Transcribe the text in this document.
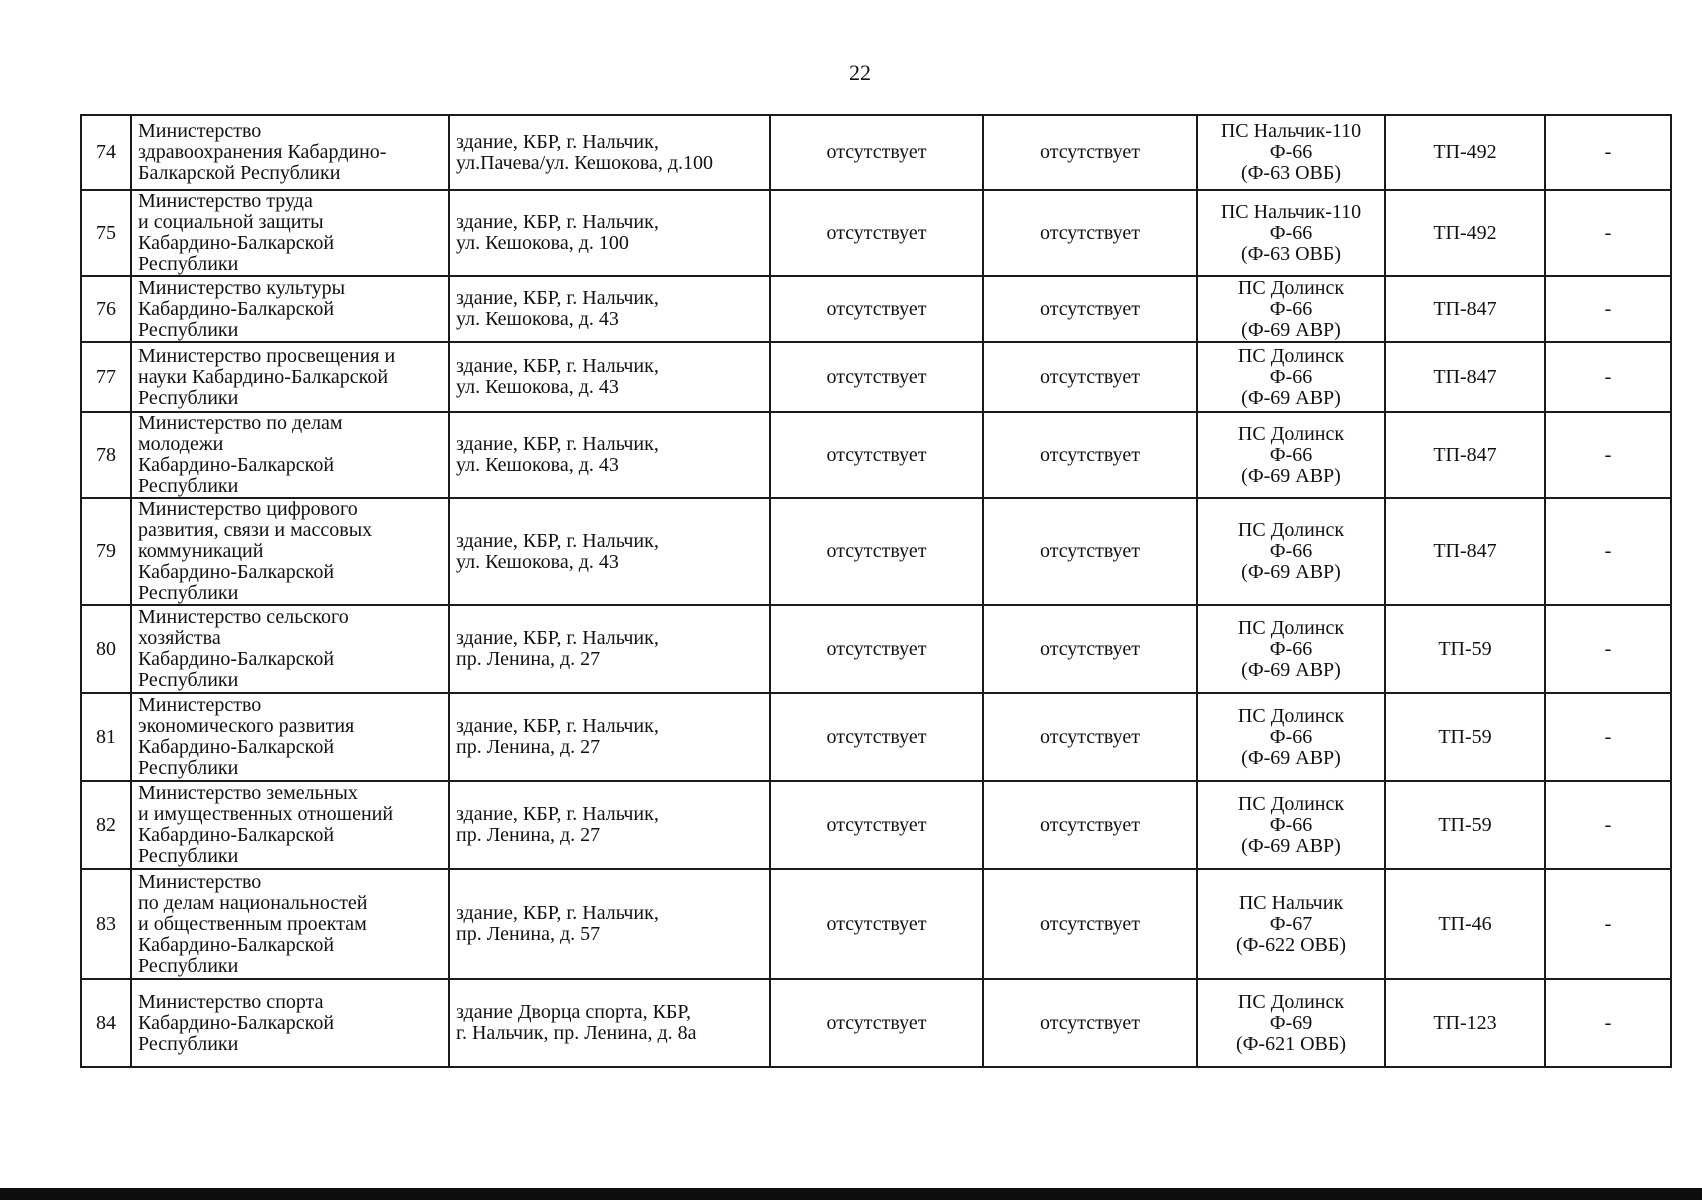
22
74	Министерство
здравоохранения Кабардино-
Балкарской Республики	здание, КБР, г. Нальчик,
ул.Пачева/ул. Кешокова, д.100	отсутствует	отсутствует	ПС Нальчик-110
Ф-66
(Ф-63 ОВБ)	ТП-492	-
75	Министерство труда
и социальной защиты
Кабардино-Балкарской
Республики	здание, КБР, г. Нальчик,
ул. Кешокова, д. 100	отсутствует	отсутствует	ПС Нальчик-110
Ф-66
(Ф-63 ОВБ)	ТП-492	-
76	Министерство культуры
Кабардино-Балкарской
Республики	здание, КБР, г. Нальчик,
ул. Кешокова, д. 43	отсутствует	отсутствует	ПС Долинск
Ф-66
(Ф-69 АВР)	ТП-847	-
77	Министерство просвещения и
науки Кабардино-Балкарской
Республики	здание, КБР, г. Нальчик,
ул. Кешокова, д. 43	отсутствует	отсутствует	ПС Долинск
Ф-66
(Ф-69 АВР)	ТП-847	-
78	Министерство по делам
молодежи
Кабардино-Балкарской
Республики	здание, КБР, г. Нальчик,
ул. Кешокова, д. 43	отсутствует	отсутствует	ПС Долинск
Ф-66
(Ф-69 АВР)	ТП-847	-
79	Министерство цифрового
развития, связи и массовых
коммуникаций
Кабардино-Балкарской
Республики	здание, КБР, г. Нальчик,
ул. Кешокова, д. 43	отсутствует	отсутствует	ПС Долинск
Ф-66
(Ф-69 АВР)	ТП-847	-
80	Министерство сельского
хозяйства
Кабардино-Балкарской
Республики	здание, КБР, г. Нальчик,
пр. Ленина, д. 27	отсутствует	отсутствует	ПС Долинск
Ф-66
(Ф-69 АВР)	ТП-59	-
81	Министерство
экономического развития
Кабардино-Балкарской
Республики	здание, КБР, г. Нальчик,
пр. Ленина, д. 27	отсутствует	отсутствует	ПС Долинск
Ф-66
(Ф-69 АВР)	ТП-59	-
82	Министерство земельных
и имущественных отношений
Кабардино-Балкарской
Республики	здание, КБР, г. Нальчик,
пр. Ленина, д. 27	отсутствует	отсутствует	ПС Долинск
Ф-66
(Ф-69 АВР)	ТП-59	-
83	Министерство
по делам национальностей
и общественным проектам
Кабардино-Балкарской
Республики	здание, КБР, г. Нальчик,
пр. Ленина, д. 57	отсутствует	отсутствует	ПС Нальчик
Ф-67
(Ф-622 ОВБ)	ТП-46	-
84	Министерство спорта
Кабардино-Балкарской
Республики	здание Дворца спорта, КБР,
г. Нальчик, пр. Ленина, д. 8а	отсутствует	отсутствует	ПС Долинск
Ф-69
(Ф-621 ОВБ)	ТП-123	-
